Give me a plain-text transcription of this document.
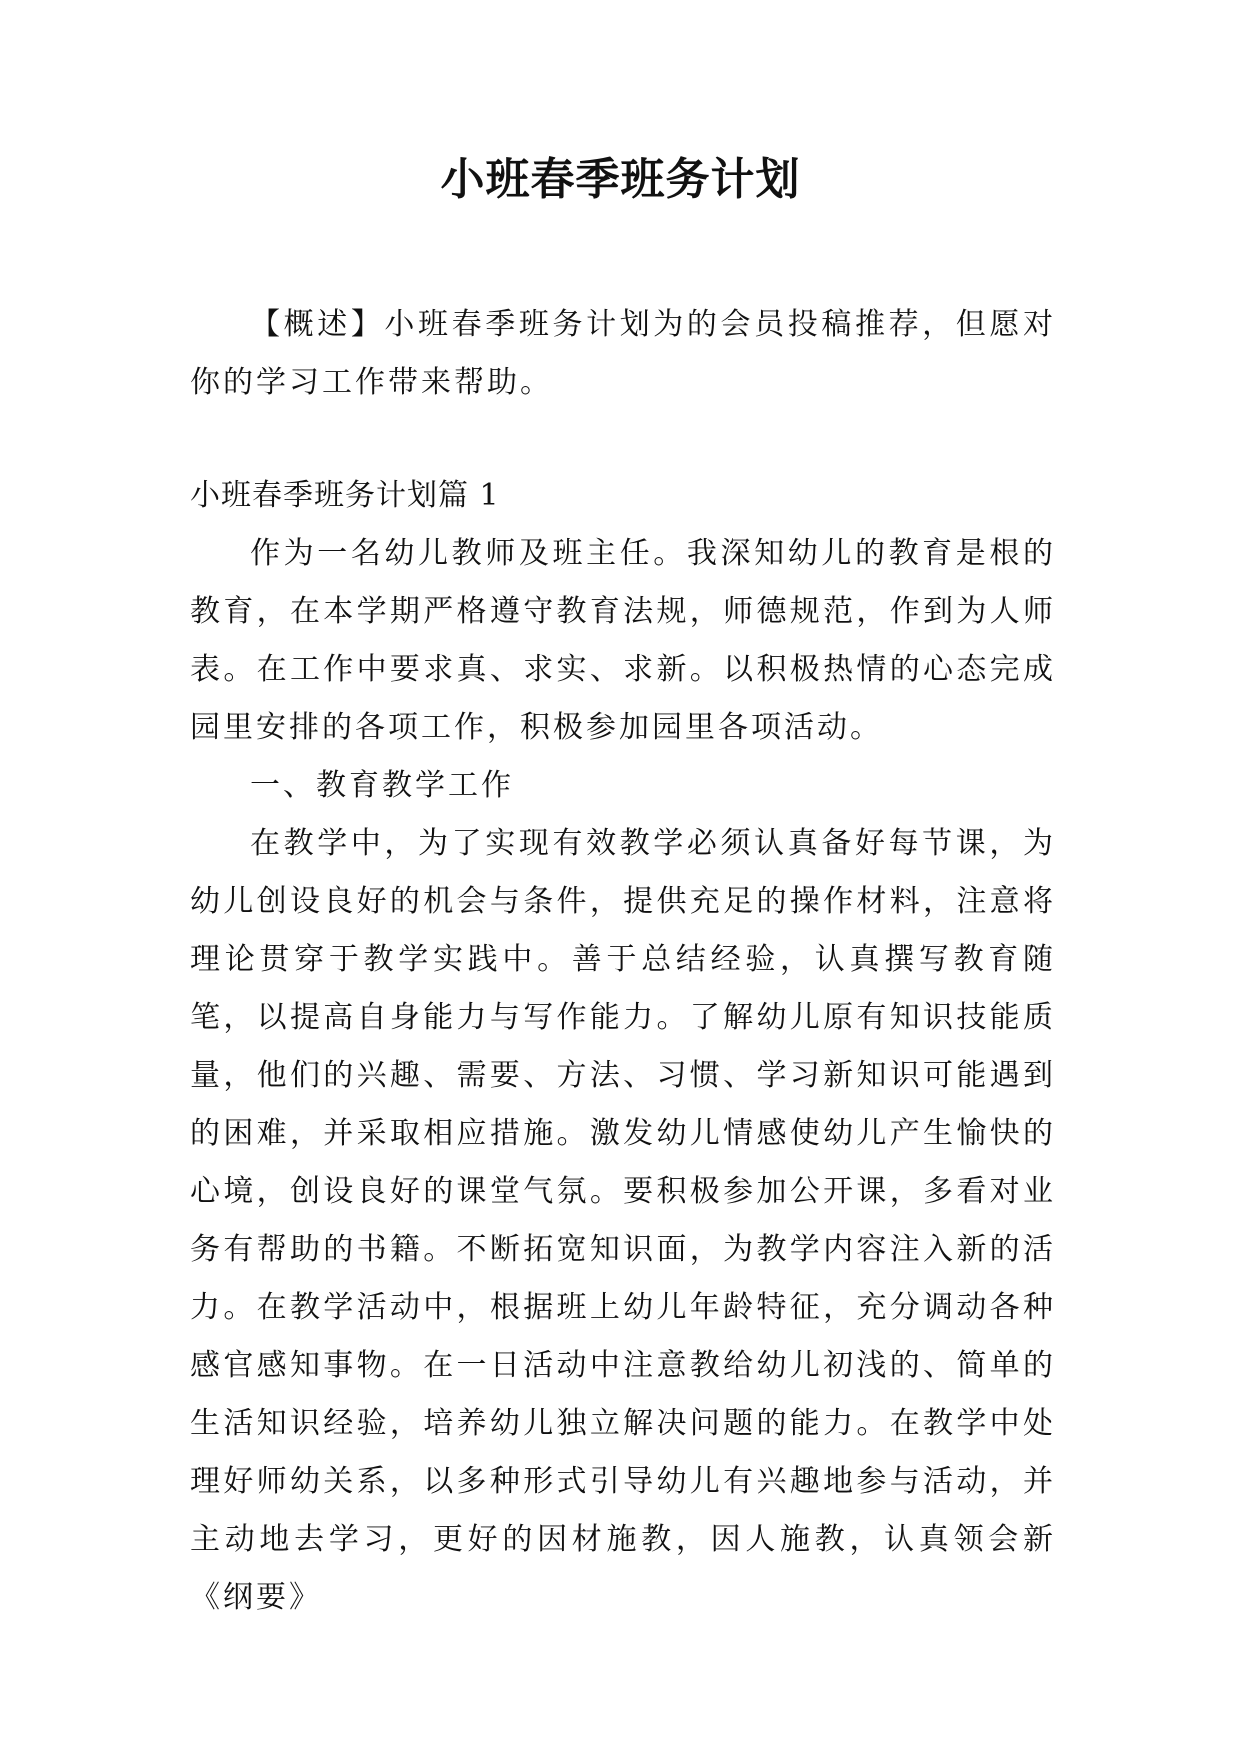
小班春季班务计划

【概述】小班春季班务计划为的会员投稿推荐，但愿对你的学习工作带来帮助。

小班春季班务计划篇 1

作为一名幼儿教师及班主任。我深知幼儿的教育是根的教育，在本学期严格遵守教育法规，师德规范，作到为人师表。在工作中要求真、求实、求新。以积极热情的心态完成园里安排的各项工作，积极参加园里各项活动。

一、教育教学工作

在教学中，为了实现有效教学必须认真备好每节课，为幼儿创设良好的机会与条件，提供充足的操作材料，注意将理论贯穿于教学实践中。善于总结经验，认真撰写教育随笔，以提高自身能力与写作能力。了解幼儿原有知识技能质量，他们的兴趣、需要、方法、习惯、学习新知识可能遇到的困难，并采取相应措施。激发幼儿情感使幼儿产生愉快的心境，创设良好的课堂气氛。要积极参加公开课，多看对业务有帮助的书籍。不断拓宽知识面，为教学内容注入新的活力。在教学活动中，根据班上幼儿年龄特征，充分调动各种感官感知事物。在一日活动中注意教给幼儿初浅的、简单的生活知识经验，培养幼儿独立解决问题的能力。在教学中处理好师幼关系，以多种形式引导幼儿有兴趣地参与活动，并主动地去学习，更好的因材施教，因人施教，认真领会新《纲要》
